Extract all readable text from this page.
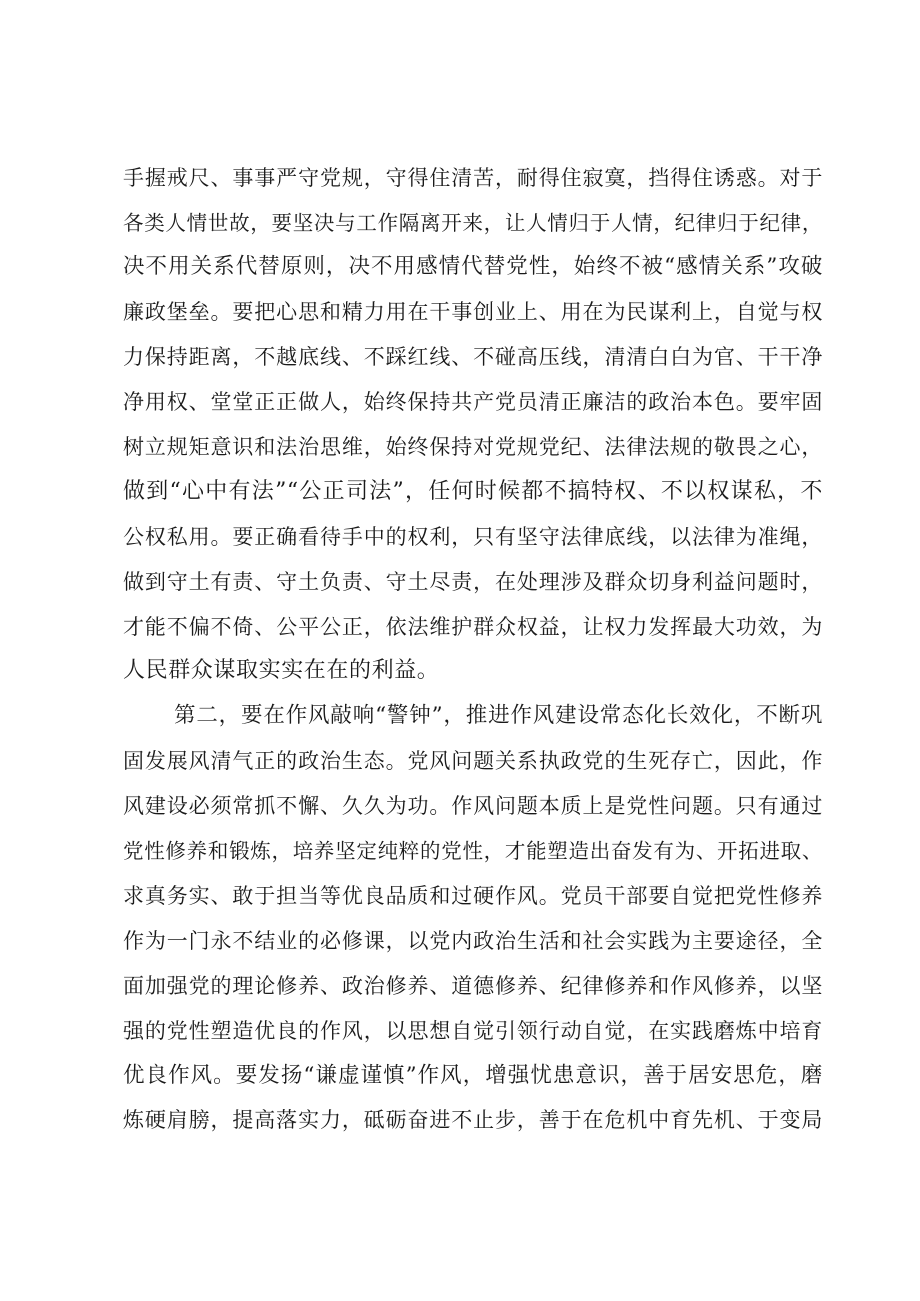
手握戒尺、事事严守党规，守得住清苦，耐得住寂寞，挡得住诱惑。对于
各类人情世故，要坚决与工作隔离开来，让人情归于人情，纪律归于纪律，
决不用关系代替原则，决不用感情代替党性，始终不被“感情关系”攻破
廉政堡垒。要把心思和精力用在干事创业上、用在为民谋利上，自觉与权
力保持距离，不越底线、不踩红线、不碰高压线，清清白白为官、干干净
净用权、堂堂正正做人，始终保持共产党员清正廉洁的政治本色。要牢固
树立规矩意识和法治思维，始终保持对党规党纪、法律法规的敬畏之心，
做到“心中有法”“公正司法”，任何时候都不搞特权、不以权谋私，不
公权私用。要正确看待手中的权利，只有坚守法律底线，以法律为准绳，
做到守土有责、守土负责、守土尽责，在处理涉及群众切身利益问题时，
才能不偏不倚、公平公正，依法维护群众权益，让权力发挥最大功效，为
人民群众谋取实实在在的利益。
第二，要在作风敲响“警钟”，推进作风建设常态化长效化，不断巩
固发展风清气正的政治生态。党风问题关系执政党的生死存亡，因此，作
风建设必须常抓不懈、久久为功。作风问题本质上是党性问题。只有通过
党性修养和锻炼，培养坚定纯粹的党性，才能塑造出奋发有为、开拓进取、
求真务实、敢于担当等优良品质和过硬作风。党员干部要自觉把党性修养
作为一门永不结业的必修课，以党内政治生活和社会实践为主要途径，全
面加强党的理论修养、政治修养、道德修养、纪律修养和作风修养，以坚
强的党性塑造优良的作风，以思想自觉引领行动自觉，在实践磨炼中培育
优良作风。要发扬“谦虚谨慎”作风，增强忧患意识，善于居安思危，磨
炼硬肩膀，提高落实力，砥砺奋进不止步，善于在危机中育先机、于变局
